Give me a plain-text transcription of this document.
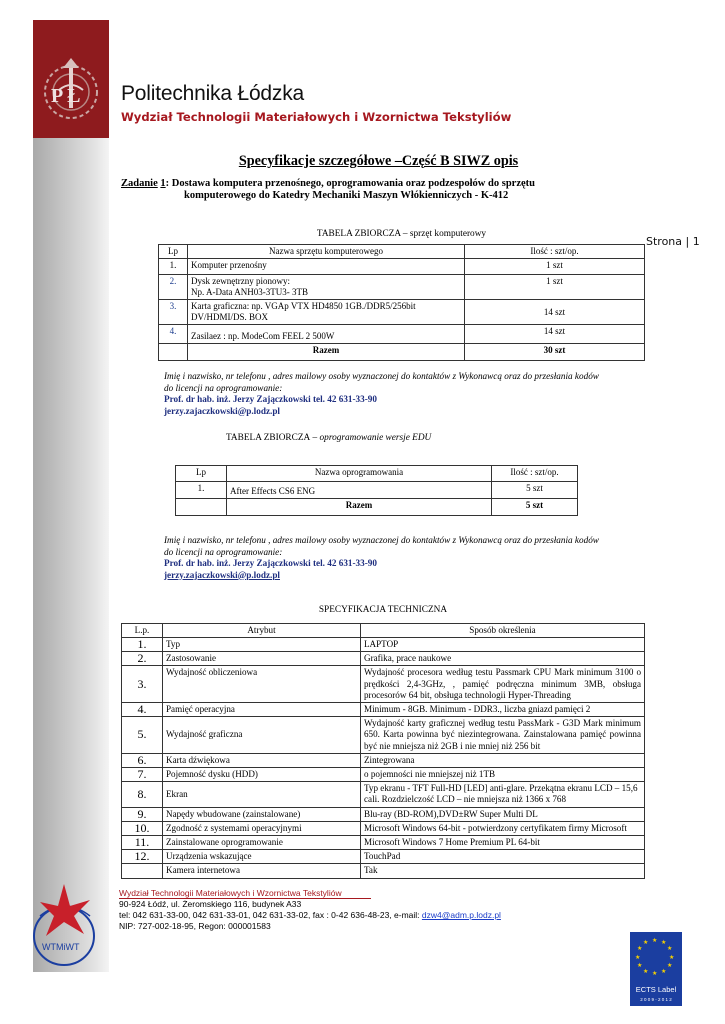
P Ł Politechnika Łódzka
Wydział Technologii Materiałowych i Wzornictwa Tekstyliów
Specyfikacje szczegółowe –Część B SIWZ opis
Zadanie 1: Dostawa komputera przenośnego, oprogramowania oraz podzespołów do sprzętu
komputerowego do Katedry Mechaniki Maszyn Włókienniczych - K-412
Strona | 1
TABELA ZBIORCZA – sprzęt komputerowy
Lp	Nazwa sprzętu komputerowego	Ilość : szt/op.
1.	Komputer przenośny	1 szt
2.	Dysk zewnętrzny pionowy:
Np. A-Data ANH03-3TU3- 3TB	1 szt
3.	Karta graficzna: np. VGAp VTX HD4850 1GB./DDR5/256bit DV/HDMI/DS. BOX	14 szt
4.	Zasilaez : np. ModeCom FEEL 2 500W	14 szt
	Razem	30 szt
Imię i nazwisko, nr telefonu , adres mailowy osoby wyznaczonej do kontaktów z Wykonawcą oraz do przesłania kodów
do licencji na oprogramowanie:
Prof. dr hab. inż. Jerzy Zajączkowski tel. 42 631-33-90
jerzy.zajaczkowski@p.lodz.pl
TABELA ZBIORCZA – oprogramowanie wersje EDU
Lp	Nazwa oprogramowania	Ilość : szt/op.
1.	After Effects CS6 ENG	5 szt
	Razem	5 szt
Imię i nazwisko, nr telefonu , adres mailowy osoby wyznaczonej do kontaktów z Wykonawcą oraz do przesłania kodów
do licencji na oprogramowanie:
Prof. dr hab. inż. Jerzy Zajączkowski tel. 42 631-33-90
jerzy.zajaczkowski@p.lodz.pl
SPECYFIKACJA TECHNICZNA
L.p.	Atrybut	Sposób określenia
1.	Typ	LAPTOP
2.	Zastosowanie	Grafika, prace naukowe
3.	Wydajność obliczeniowa	Wydajność procesora według testu Passmark CPU Mark minimum 3100 o prędkości 2,4-3GHz, , pamięć podręczna minimum 3MB, obsługa procesorów 64 bit, obsługa technologii Hyper-Threading
4.	Pamięć operacyjna	Minimum - 8GB. Minimum - DDR3., liczba gniazd pamięci 2
5.	Wydajność graficzna	Wydajność karty graficznej według testu PassMark - G3D Mark minimum 650. Karta powinna być niezintegrowana. Zainstalowana pamięć powinna być nie mniejsza niż 2GB i nie mniej niż 256 bit
6.	Karta dźwiękowa	Zintegrowana
7.	Pojemność dysku (HDD)	o pojemności nie mniejszej niż 1TB
8.	Ekran	Typ ekranu - TFT Full-HD [LED] anti-glare. Przekątna ekranu LCD – 15,6 cali. Rozdzielczość LCD – nie mniejsza niż 1366 x 768
9.	Napędy wbudowane (zainstalowane)	Blu-ray (BD-ROM),DVD±RW Super Multi DL
10.	Zgodność z systemami operacyjnymi	Microsoft Windows 64-bit - potwierdzony certyfikatem firmy Microsoft
11.	Zainstalowane oprogramowanie	Microsoft Windows 7 Home Premium PL 64-bit
12.	Urządzenia wskazujące	TouchPad
	Kamera internetowa	Tak
Wydział Technologii Materiałowych i Wzornictwa Tekstyliów
90-924 Łódź, ul. Żeromskiego 116, budynek A33
tel: 042 631-33-00, 042 631-33-01, 042 631-33-02, fax : 0-42 636-48-23, e-mail: dzw4@adm.p.lodz.pl
NIP: 727-002-18-95, Regon: 000001583
WTMiWT
★ ★
★
★
★
★
★
★
★
★
★
★
ECTS Label
2 0 0 9 - 2 0 1 2
